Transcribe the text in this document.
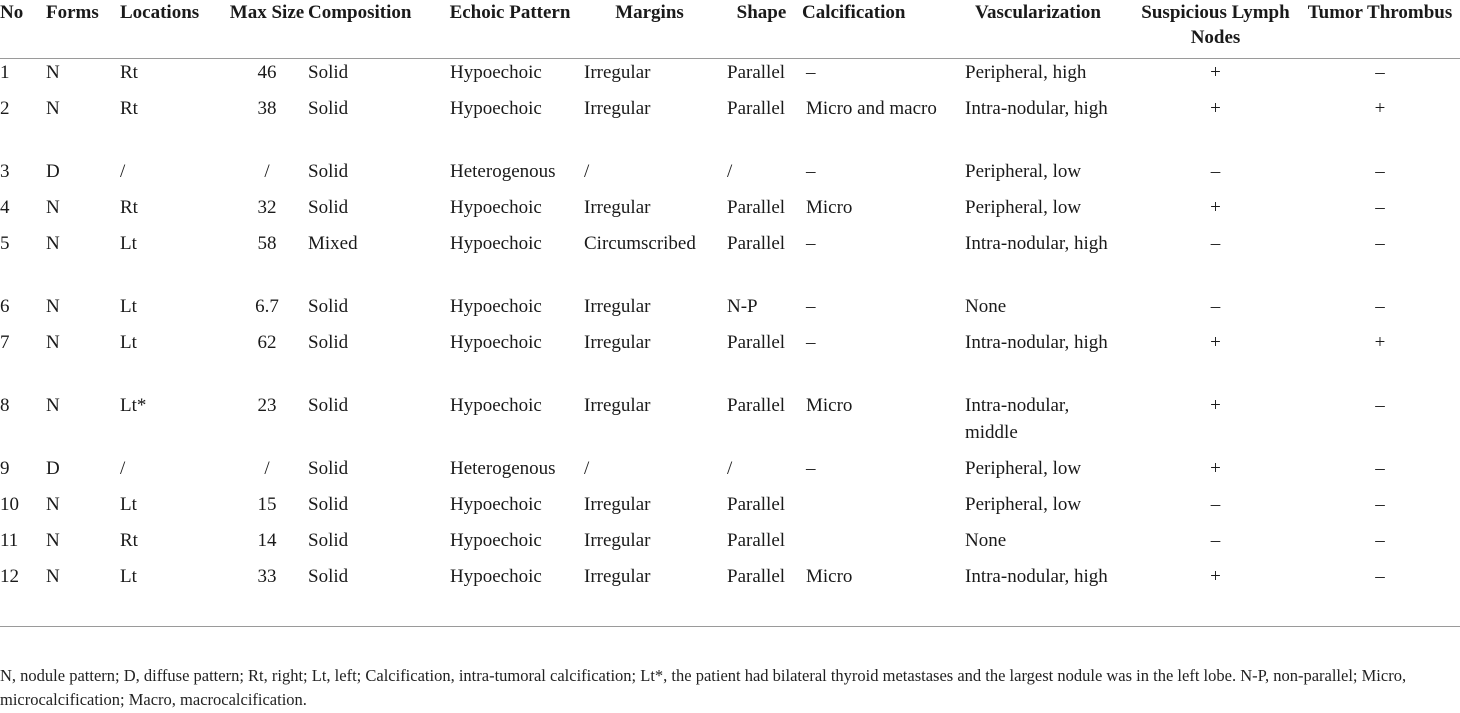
No	Forms	Locations	Max Size	Composition	Echoic Pattern	Margins	Shape	Calcification	Vascularization	Suspicious Lymph Nodes	Tumor Thrombus
1	N	Rt	46	Solid	Hypoechoic	Irregular	Parallel	–	Peripheral, high	+	–
2	N	Rt	38	Solid	Hypoechoic	Irregular	Parallel	Micro and macro	Intra-nodular, high	+	+
3	D	/	/	Solid	Heterogenous	/	/	–	Peripheral, low	–	–
4	N	Rt	32	Solid	Hypoechoic	Irregular	Parallel	Micro	Peripheral, low	+	–
5	N	Lt	58	Mixed	Hypoechoic	Circumscribed	Parallel	–	Intra-nodular, high	–	–
6	N	Lt	6.7	Solid	Hypoechoic	Irregular	N-P	–	None	–	–
7	N	Lt	62	Solid	Hypoechoic	Irregular	Parallel	–	Intra-nodular, high	+	+
8	N	Lt*	23	Solid	Hypoechoic	Irregular	Parallel	Micro	Intra-nodular, middle	+	–
9	D	/	/	Solid	Heterogenous	/	/	–	Peripheral, low	+	–
10	N	Lt	15	Solid	Hypoechoic	Irregular	Parallel		Peripheral, low	–	–
11	N	Rt	14	Solid	Hypoechoic	Irregular	Parallel		None	–	–
12	N	Lt	33	Solid	Hypoechoic	Irregular	Parallel	Micro	Intra-nodular, high	+	–
N, nodule pattern; D, diffuse pattern; Rt, right; Lt, left; Calcification, intra-tumoral calcification; Lt*, the patient had bilateral thyroid metastases and the largest nodule was in the left lobe. N-P, non-parallel; Micro, microcalcification; Macro, macrocalcification.
